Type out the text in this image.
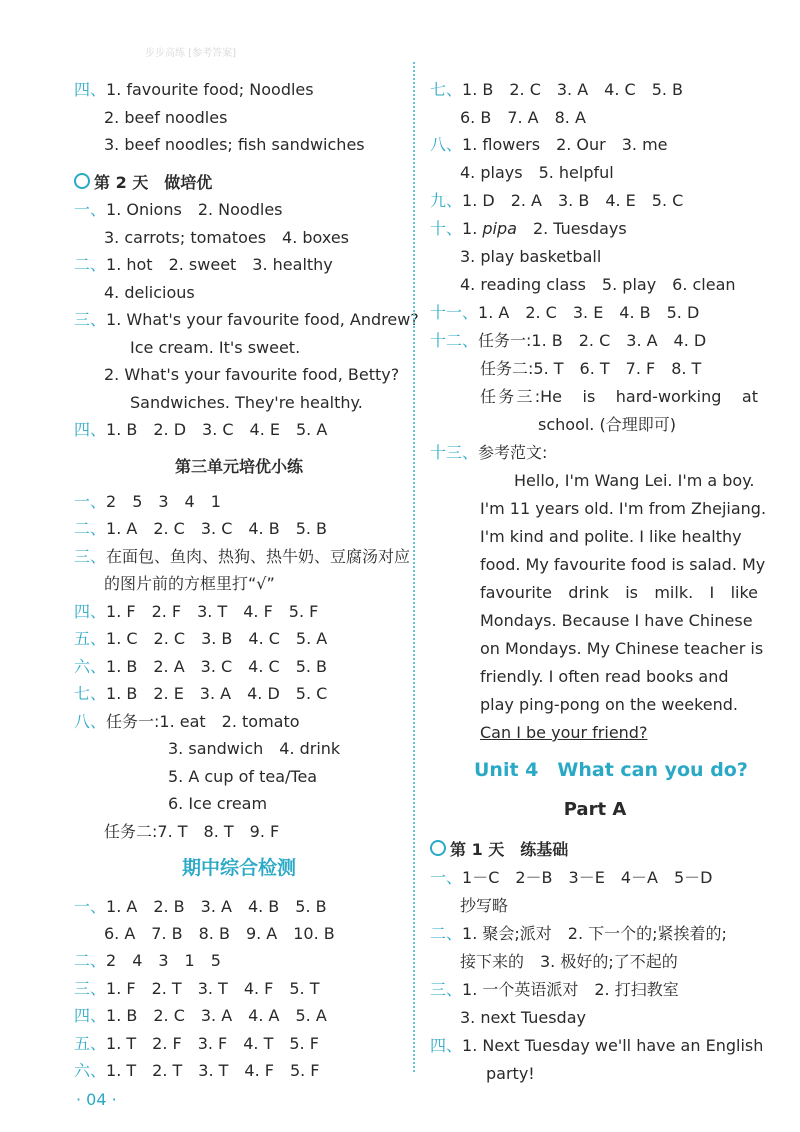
步步高练 [参考答案]
四、1. favourite food; Noodles
2. beef noodles
3. beef noodles; fish sandwiches
第 2 天　做培优
一、1. Onions　2. Noodles
3. carrots; tomatoes　4. boxes
二、1. hot　2. sweet　3. healthy
4. delicious
三、1. What's your favourite food, Andrew?
Ice cream. It's sweet.
2. What's your favourite food, Betty?
Sandwiches. They're healthy.
四、1. B　2. D　3. C　4. E　5. A
第三单元培优小练
一、2　5　3　4　1
二、1. A　2. C　3. C　4. B　5. B
三、在面包、鱼肉、热狗、热牛奶、豆腐汤对应
的图片前的方框里打“√”
四、1. F　2. F　3. T　4. F　5. F
五、1. C　2. C　3. B　4. C　5. A
六、1. B　2. A　3. C　4. C　5. B
七、1. B　2. E　3. A　4. D　5. C
八、任务一:1. eat　2. tomato
3. sandwich　4. drink
5. A cup of tea/Tea
6. Ice cream
任务二:7. T　8. T　9. F
期中综合检测
一、1. A　2. B　3. A　4. B　5. B
6. A　7. B　8. B　9. A　10. B
二、2　4　3　1　5
三、1. F　2. T　3. T　4. F　5. T
四、1. B　2. C　3. A　4. A　5. A
五、1. T　2. F　3. F　4. T　5. F
六、1. T　2. T　3. T　4. F　5. F
七、1. B　2. C　3. A　4. C　5. B
6. B　7. A　8. A
八、1. flowers　2. Our　3. me
4. plays　5. helpful
九、1. D　2. A　3. B　4. E　5. C
十、1. pipa　2. Tuesdays
3. play basketball
4. reading class　5. play　6. clean
十一、1. A　2. C　3. E　4. B　5. D
十二、任务一:1. B　2. C　3. A　4. D
任务二:5. T　6. T　7. F　8. T
任务三:He　is　hard-working　at
school. (合理即可)
十三、参考范文:
Hello, I'm Wang Lei. I'm a boy.
I'm 11 years old. I'm from Zhejiang.
I'm kind and polite. I like healthy
food. My favourite food is salad. My
favourite　drink　is　milk.　I　like
Mondays. Because I have Chinese
on Mondays. My Chinese teacher is
friendly. I often read books and
play ping-pong on the weekend.
Can I be your friend?
Unit 4　What can you do?
Part A
第 1 天　练基础
一、1－C　2－B　3－E　4－A　5－D
抄写略
二、1. 聚会;派对　2. 下一个的;紧挨着的;
接下来的　3. 极好的;了不起的
三、1. 一个英语派对　2. 打扫教室
3. next Tuesday
四、1. Next Tuesday we'll have an English
party!
· 04 ·
